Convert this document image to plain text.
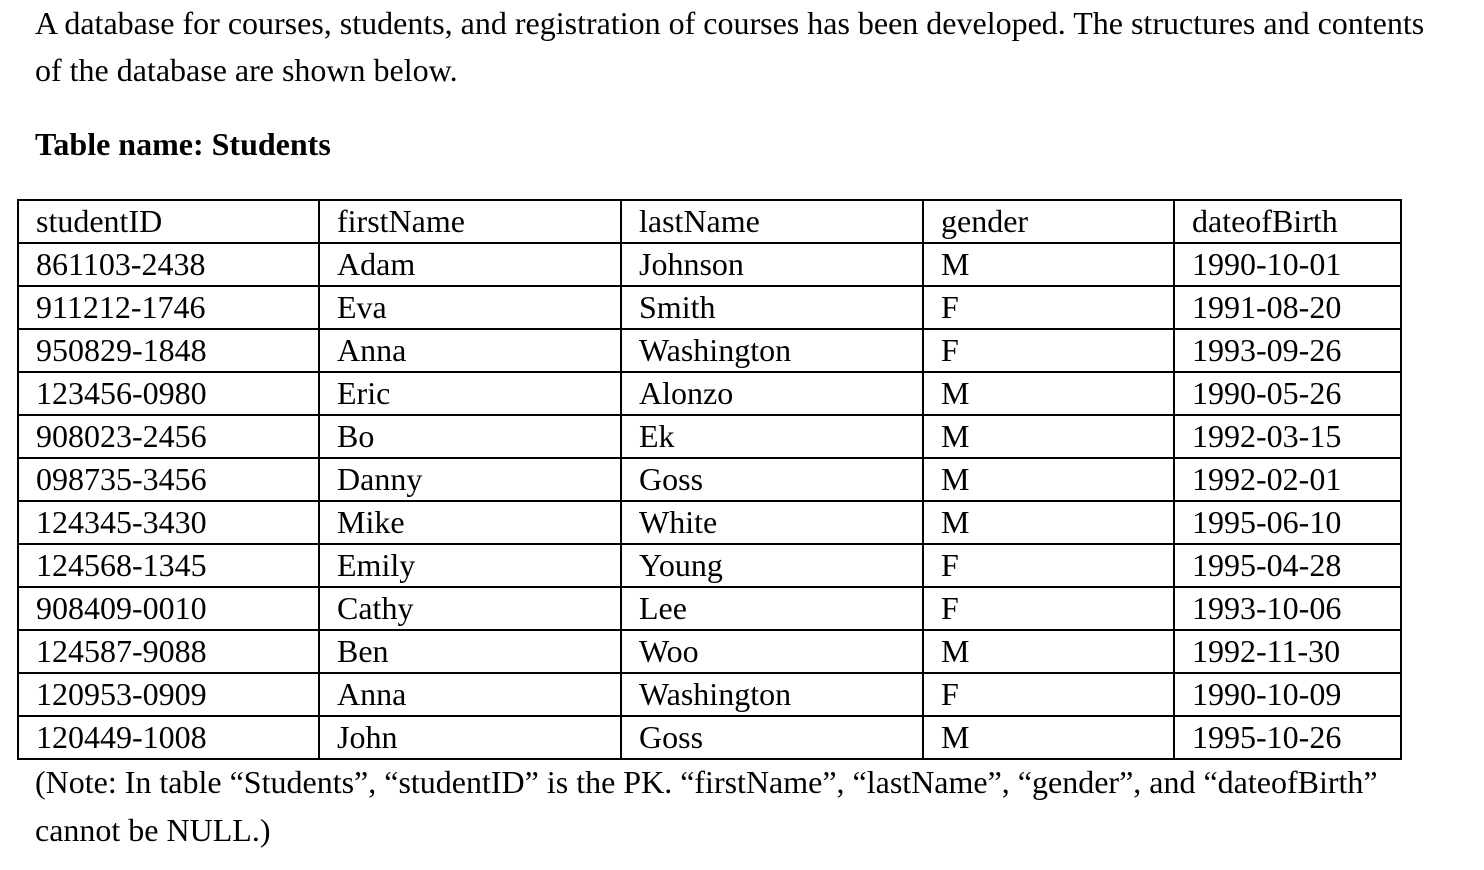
A database for courses, students, and registration of courses has been developed. The structures and contents of the database are shown below.

Table name: Students

studentID	firstName	lastName	gender	dateofBirth
861103-2438	Adam	Johnson	M	1990-10-01
911212-1746	Eva	Smith	F	1991-08-20
950829-1848	Anna	Washington	F	1993-09-26
123456-0980	Eric	Alonzo	M	1990-05-26
908023-2456	Bo	Ek	M	1992-03-15
098735-3456	Danny	Goss	M	1992-02-01
124345-3430	Mike	White	M	1995-06-10
124568-1345	Emily	Young	F	1995-04-28
908409-0010	Cathy	Lee	F	1993-10-06
124587-9088	Ben	Woo	M	1992-11-30
120953-0909	Anna	Washington	F	1990-10-09
120449-1008	John	Goss	M	1995-10-26

(Note: In table “Students”, “studentID” is the PK. “firstName”, “lastName”, “gender”, and “dateofBirth” cannot be NULL.)
